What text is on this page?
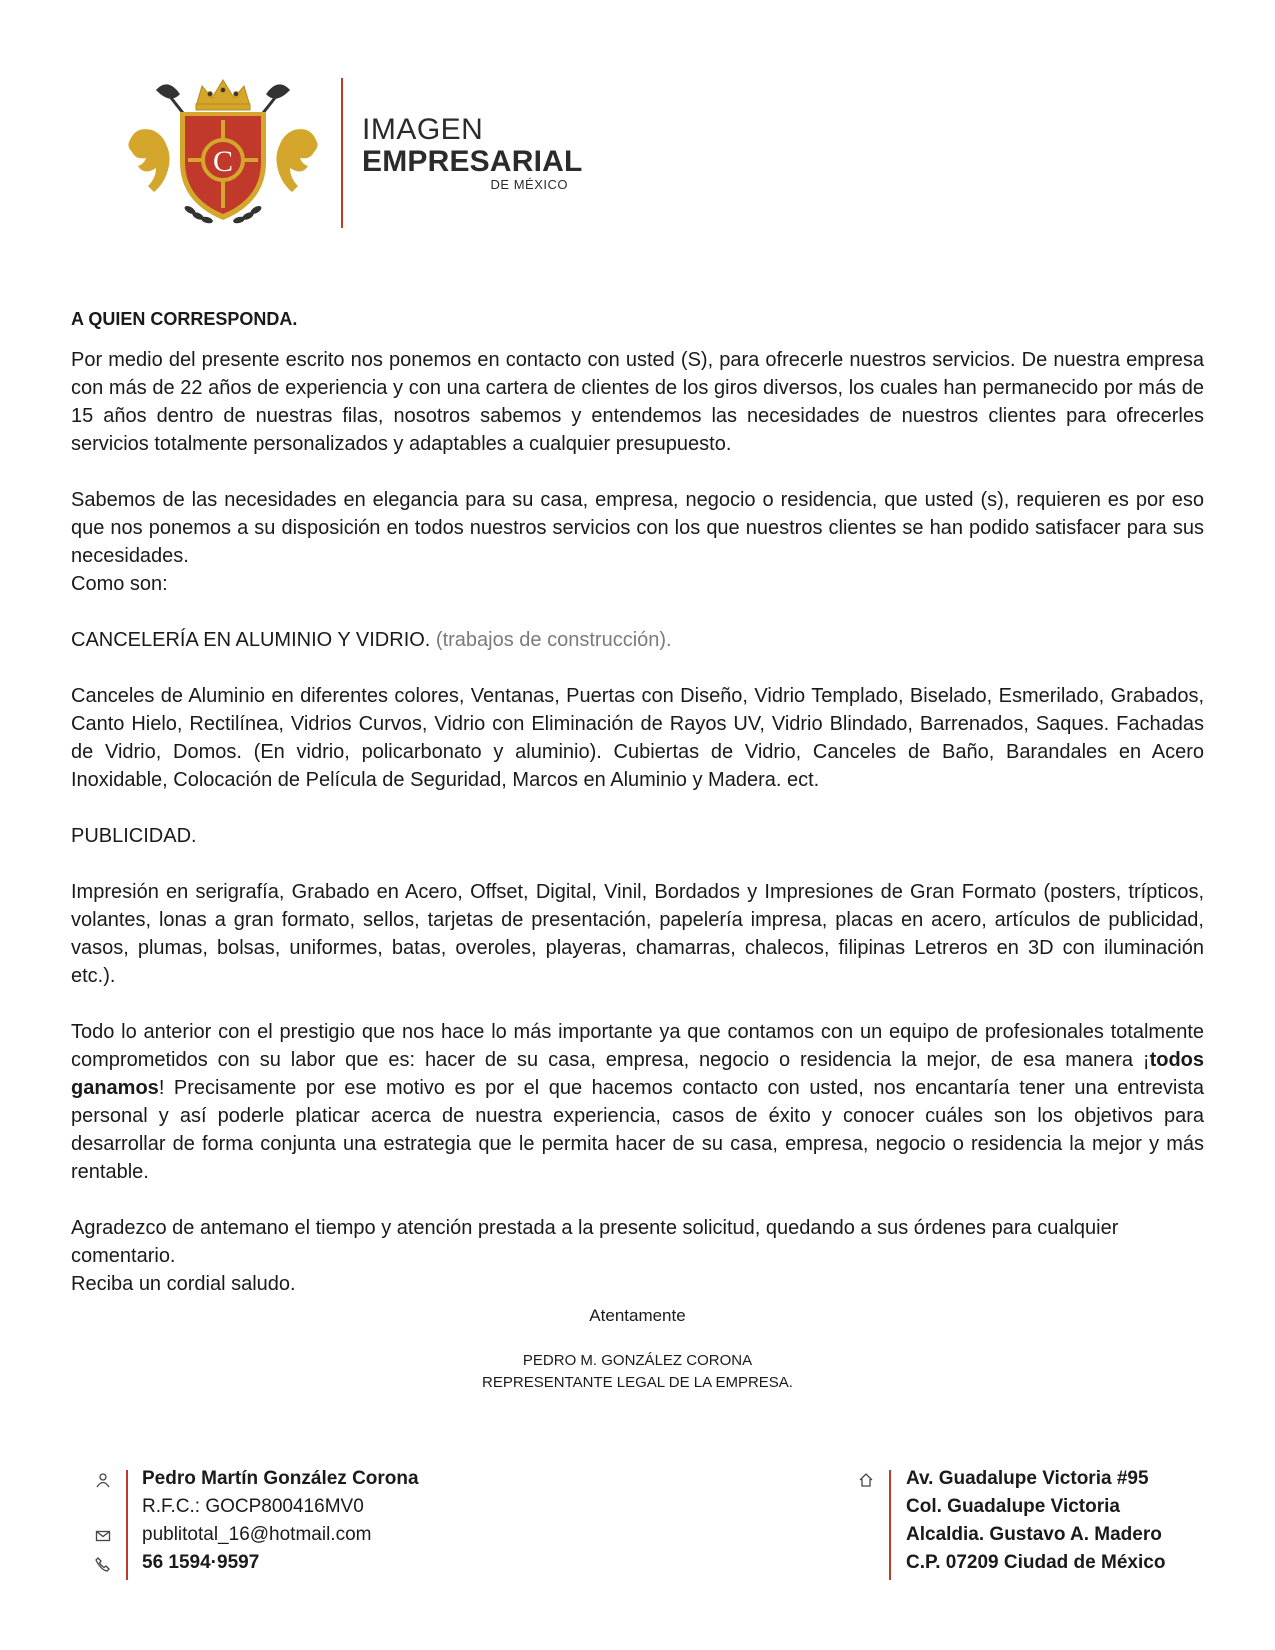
C
IMAGEN
EMPRESARIAL
DE MÉXICO

A QUIEN CORRESPONDA.

Por medio del presente escrito nos ponemos en contacto con usted (S), para ofrecerle nuestros servicios. De nuestra empresa con más de 22 años de experiencia y con una cartera de clientes de los giros diversos, los cuales han permanecido por más de 15 años dentro de nuestras filas, nosotros sabemos y entendemos las necesidades de nuestros clientes para ofrecerles servicios totalmente personalizados y adaptables a cualquier presupuesto.

Sabemos de las necesidades en elegancia para su casa, empresa, negocio o residencia, que usted (s), requieren es por eso que nos ponemos a su disposición en todos nuestros servicios con los que nuestros clientes se han podido satisfacer para sus necesidades.

Como son:

CANCELERÍA EN ALUMINIO Y VIDRIO. (trabajos de construcción).

Canceles de Aluminio en diferentes colores, Ventanas, Puertas con Diseño, Vidrio Templado, Biselado, Esmerilado, Grabados, Canto Hielo, Rectilínea, Vidrios Curvos, Vidrio con Eliminación de Rayos UV, Vidrio Blindado, Barrenados, Saques. Fachadas de Vidrio, Domos. (En vidrio, policarbonato y aluminio). Cubiertas de Vidrio, Canceles de Baño, Barandales en Acero Inoxidable, Colocación de Película de Seguridad, Marcos en Aluminio y Madera. ect.

PUBLICIDAD.

Impresión en serigrafía, Grabado en Acero, Offset, Digital, Vinil, Bordados y Impresiones de Gran Formato (posters, trípticos, volantes, lonas a gran formato, sellos, tarjetas de presentación, papelería impresa, placas en acero, artículos de publicidad, vasos, plumas, bolsas, uniformes, batas, overoles, playeras, chamarras, chalecos, filipinas Letreros en 3D con iluminación etc.).

Todo lo anterior con el prestigio que nos hace lo más importante ya que contamos con un equipo de profesionales totalmente comprometidos con su labor que es: hacer de su casa, empresa, negocio o residencia la mejor, de esa manera ¡todos ganamos! Precisamente por ese motivo es por el que hacemos contacto con usted, nos encantaría tener una entrevista personal y así poderle platicar acerca de nuestra experiencia, casos de éxito y conocer cuáles son los objetivos para desarrollar de forma conjunta una estrategia que le permita hacer de su casa, empresa, negocio o residencia la mejor y más rentable.

Agradezco de antemano el tiempo y atención prestada a la presente solicitud, quedando a sus órdenes para cualquier comentario.

Reciba un cordial saludo.

Atentamente
PEDRO M. GONZÁLEZ CORONA
REPRESENTANTE LEGAL DE LA EMPRESA.
Pedro Martín González Corona
R.F.C.: GOCP800416MV0
publitotal_16@hotmail.com
56 1594·9597
Av. Guadalupe Victoria #95
Col. Guadalupe Victoria
Alcaldia. Gustavo A. Madero
C.P. 07209 Ciudad de México
